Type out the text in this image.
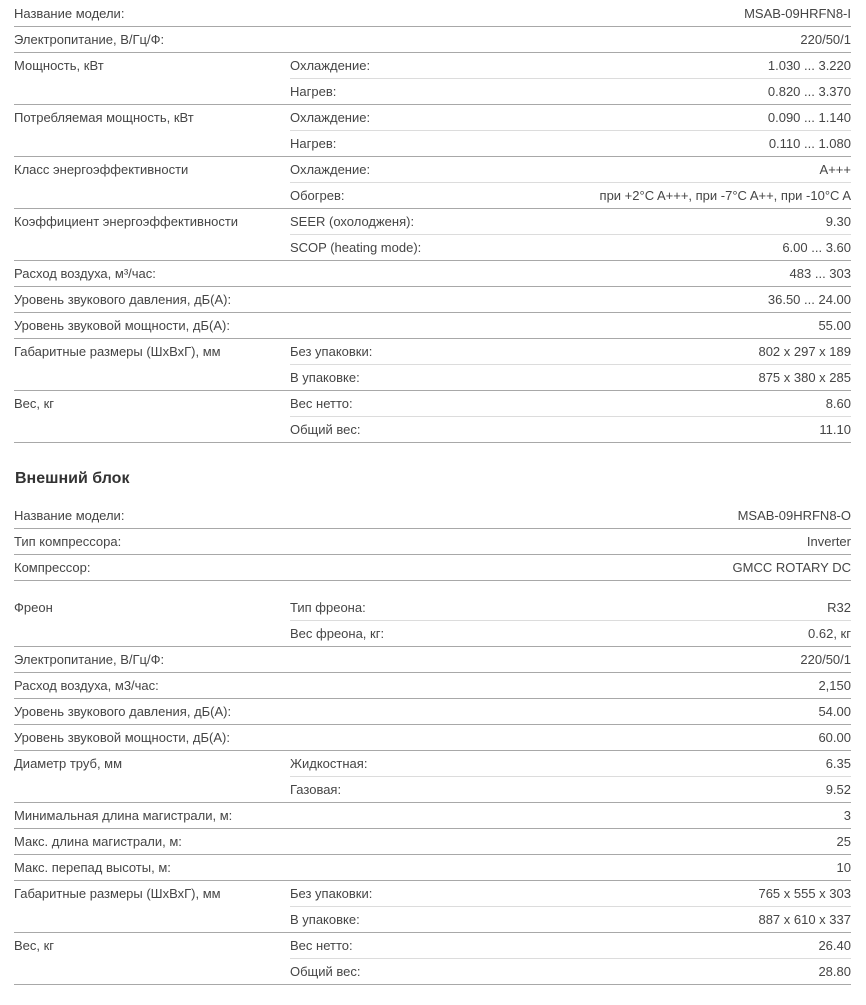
Название модели:	MSAB-09HRFN8-I
Электропитание, В/Гц/Ф:	220/50/1
Мощность, кВт	Охлаждение:	1.030 ... 3.220
Нагрев:	0.820 ... 3.370
Потребляемая мощность, кВт	Охлаждение:	0.090 ... 1.140
Нагрев:	0.110 ... 1.080
Класс энергоэффективности	Охлаждение:	A+++
Обогрев:	при +2°C A+++, при -7°C A++, при -10°C A
Коэффициент энергоэффективности	SEER (охолодженя):	9.30
SCOP (heating mode):	6.00 ... 3.60
Расход воздуха, м³/час:	483 ... 303
Уровень звукового давления, дБ(А):	36.50 ... 24.00
Уровень звуковой мощности, дБ(А):	55.00
Габаритные размеры (ШхВхГ), мм	Без упаковки:	802 x 297 x 189
В упаковке:	875 x 380 x 285
Вес, кг	Вес нетто:	8.60
Общий вес:	11.10
Внешний блок
Название модели:	MSAB-09HRFN8-O
Тип компрессора:	Inverter
Компрессор:	GMCC ROTARY DC
Фреон	Тип фреона:	R32
Вес фреона, кг:	0.62, кг
Электропитание, В/Гц/Ф:	220/50/1
Расход воздуха, м3/час:	2,150
Уровень звукового давления, дБ(А):	54.00
Уровень звуковой мощности, дБ(А):	60.00
Диаметр труб, мм	Жидкостная:	6.35
Газовая:	9.52
Минимальная длина магистрали, м:	3
Макс. длина магистрали, м:	25
Макс. перепад высоты, м:	10
Габаритные размеры (ШхВхГ), мм	Без упаковки:	765 x 555 x 303
В упаковке:	887 x 610 x 337
Вес, кг	Вес нетто:	26.40
Общий вес:	28.80
